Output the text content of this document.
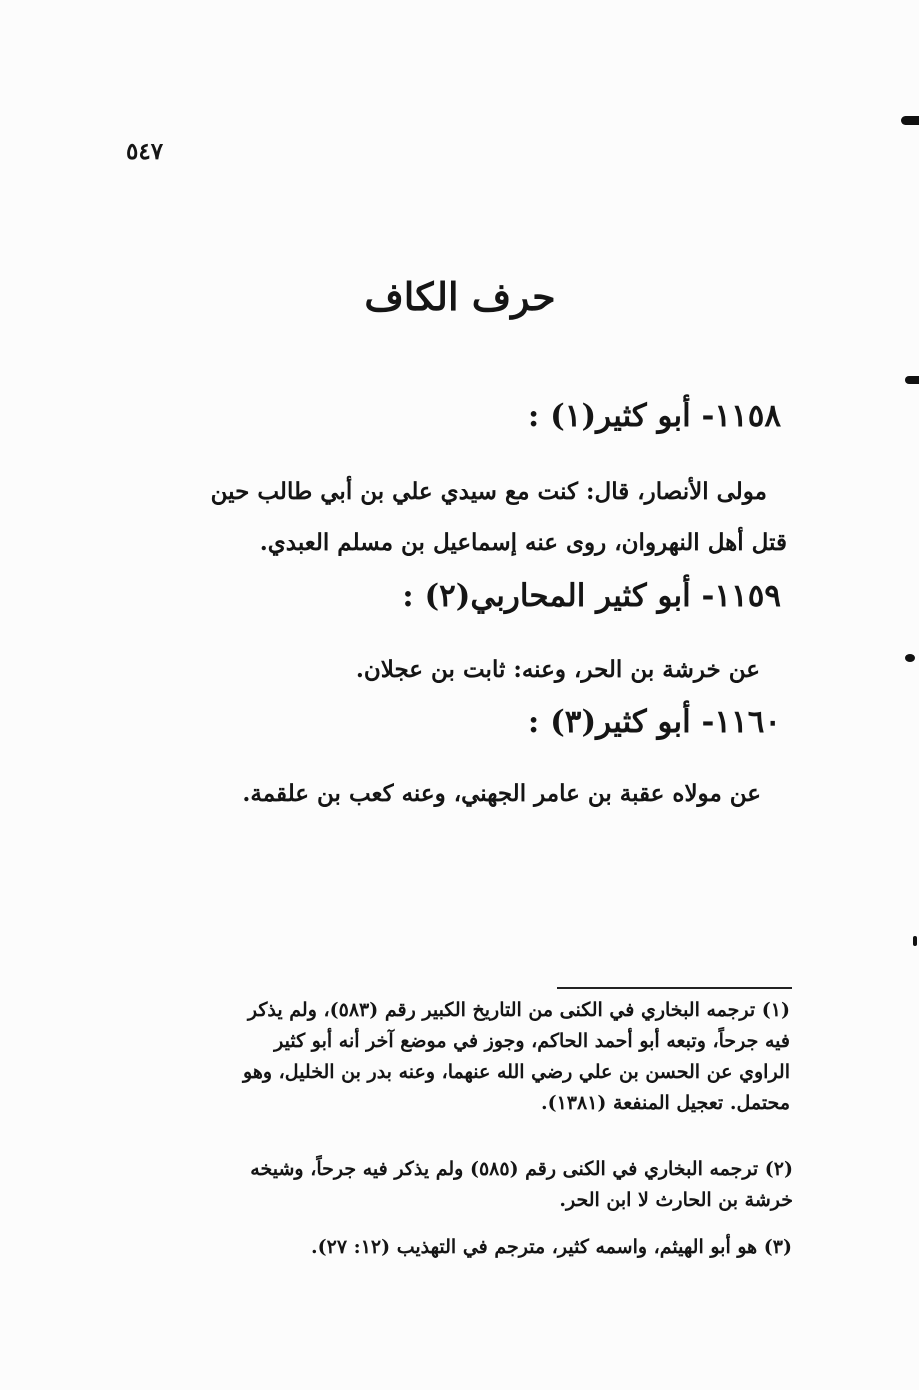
٥٤٧
حرف الكاف
١١٥٨- أبو كثير(١) :
مولى الأنصار، قال: كنت مع سيدي علي بن أبي طالب حين
قتل أهل النهروان، روى عنه إسماعيل بن مسلم العبدي.
١١٥٩- أبو كثير المحاربي(٢) :
عن خرشة بن الحر، وعنه: ثابت بن عجلان.
١١٦٠- أبو كثير(٣) :
عن مولاه عقبة بن عامر الجهني، وعنه كعب بن علقمة.
(١) ترجمه البخاري في الكنى من التاريخ الكبير رقم (٥٨٣)، ولم يذكر
فيه جرحاً، وتبعه أبو أحمد الحاكم، وجوز في موضع آخر أنه أبو كثير
الراوي عن الحسن بن علي رضي الله عنهما، وعنه بدر بن الخليل، وهو
محتمل. تعجيل المنفعة (١٣٨١).
(٢) ترجمه البخاري في الكنى رقم (٥٨٥) ولم يذكر فيه جرحاً، وشيخه
خرشة بن الحارث لا ابن الحر.
(٣) هو أبو الهيثم، واسمه كثير، مترجم في التهذيب (١٢: ٢٧).
